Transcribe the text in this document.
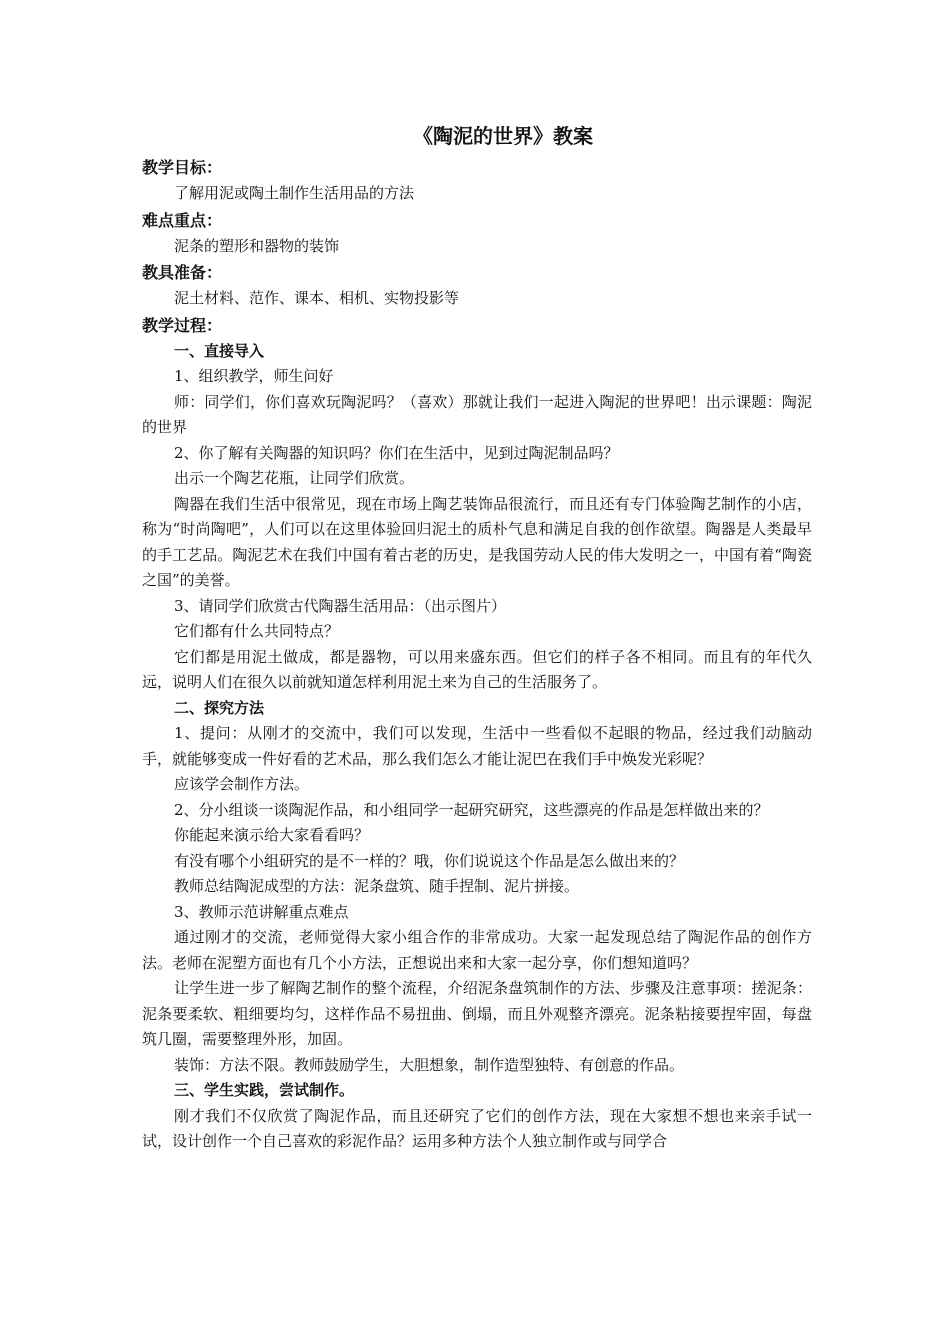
《陶泥的世界》教案
教学目标：

了解用泥或陶土制作生活用品的方法

难点重点：

泥条的塑形和器物的装饰

教具准备：

泥土材料、范作、课本、相机、实物投影等

教学过程：
一、直接导入

1、组织教学，师生问好

师：同学们，你们喜欢玩陶泥吗？（喜欢）那就让我们一起进入陶泥的世界吧！出示课题：陶泥的世界

2、你了解有关陶器的知识吗？你们在生活中，见到过陶泥制品吗？

出示一个陶艺花瓶，让同学们欣赏。

陶器在我们生活中很常见，现在市场上陶艺装饰品很流行，而且还有专门体验陶艺制作的小店，称为“时尚陶吧”，人们可以在这里体验回归泥土的质朴气息和满足自我的创作欲望。陶器是人类最早的手工艺品。陶泥艺术在我们中国有着古老的历史，是我国劳动人民的伟大发明之一，中国有着“陶瓷之国”的美誉。

3、请同学们欣赏古代陶器生活用品：（出示图片）

它们都有什么共同特点？

它们都是用泥土做成，都是器物，可以用来盛东西。但它们的样子各不相同。而且有的年代久远，说明人们在很久以前就知道怎样利用泥土来为自己的生活服务了。

二、探究方法

1、提问：从刚才的交流中，我们可以发现，生活中一些看似不起眼的物品，经过我们动脑动手，就能够变成一件好看的艺术品，那么我们怎么才能让泥巴在我们手中焕发光彩呢？

应该学会制作方法。

2、分小组谈一谈陶泥作品，和小组同学一起研究研究，这些漂亮的作品是怎样做出来的？

你能起来演示给大家看看吗？

有没有哪个小组研究的是不一样的？哦，你们说说这个作品是怎么做出来的？

教师总结陶泥成型的方法：泥条盘筑、随手捏制、泥片拼接。

3、教师示范讲解重点难点

通过刚才的交流，老师觉得大家小组合作的非常成功。大家一起发现总结了陶泥作品的创作方法。老师在泥塑方面也有几个小方法，正想说出来和大家一起分享，你们想知道吗？

让学生进一步了解陶艺制作的整个流程，介绍泥条盘筑制作的方法、步骤及注意事项：搓泥条：泥条要柔软、粗细要均匀，这样作品不易扭曲、倒塌，而且外观整齐漂亮。泥条粘接要捏牢固，每盘筑几圈，需要整理外形，加固。

装饰：方法不限。教师鼓励学生，大胆想象，制作造型独特、有创意的作品。

三、学生实践，尝试制作。

刚才我们不仅欣赏了陶泥作品，而且还研究了它们的创作方法，现在大家想不想也来亲手试一试，设计创作一个自己喜欢的彩泥作品？运用多种方法个人独立制作或与同学合
